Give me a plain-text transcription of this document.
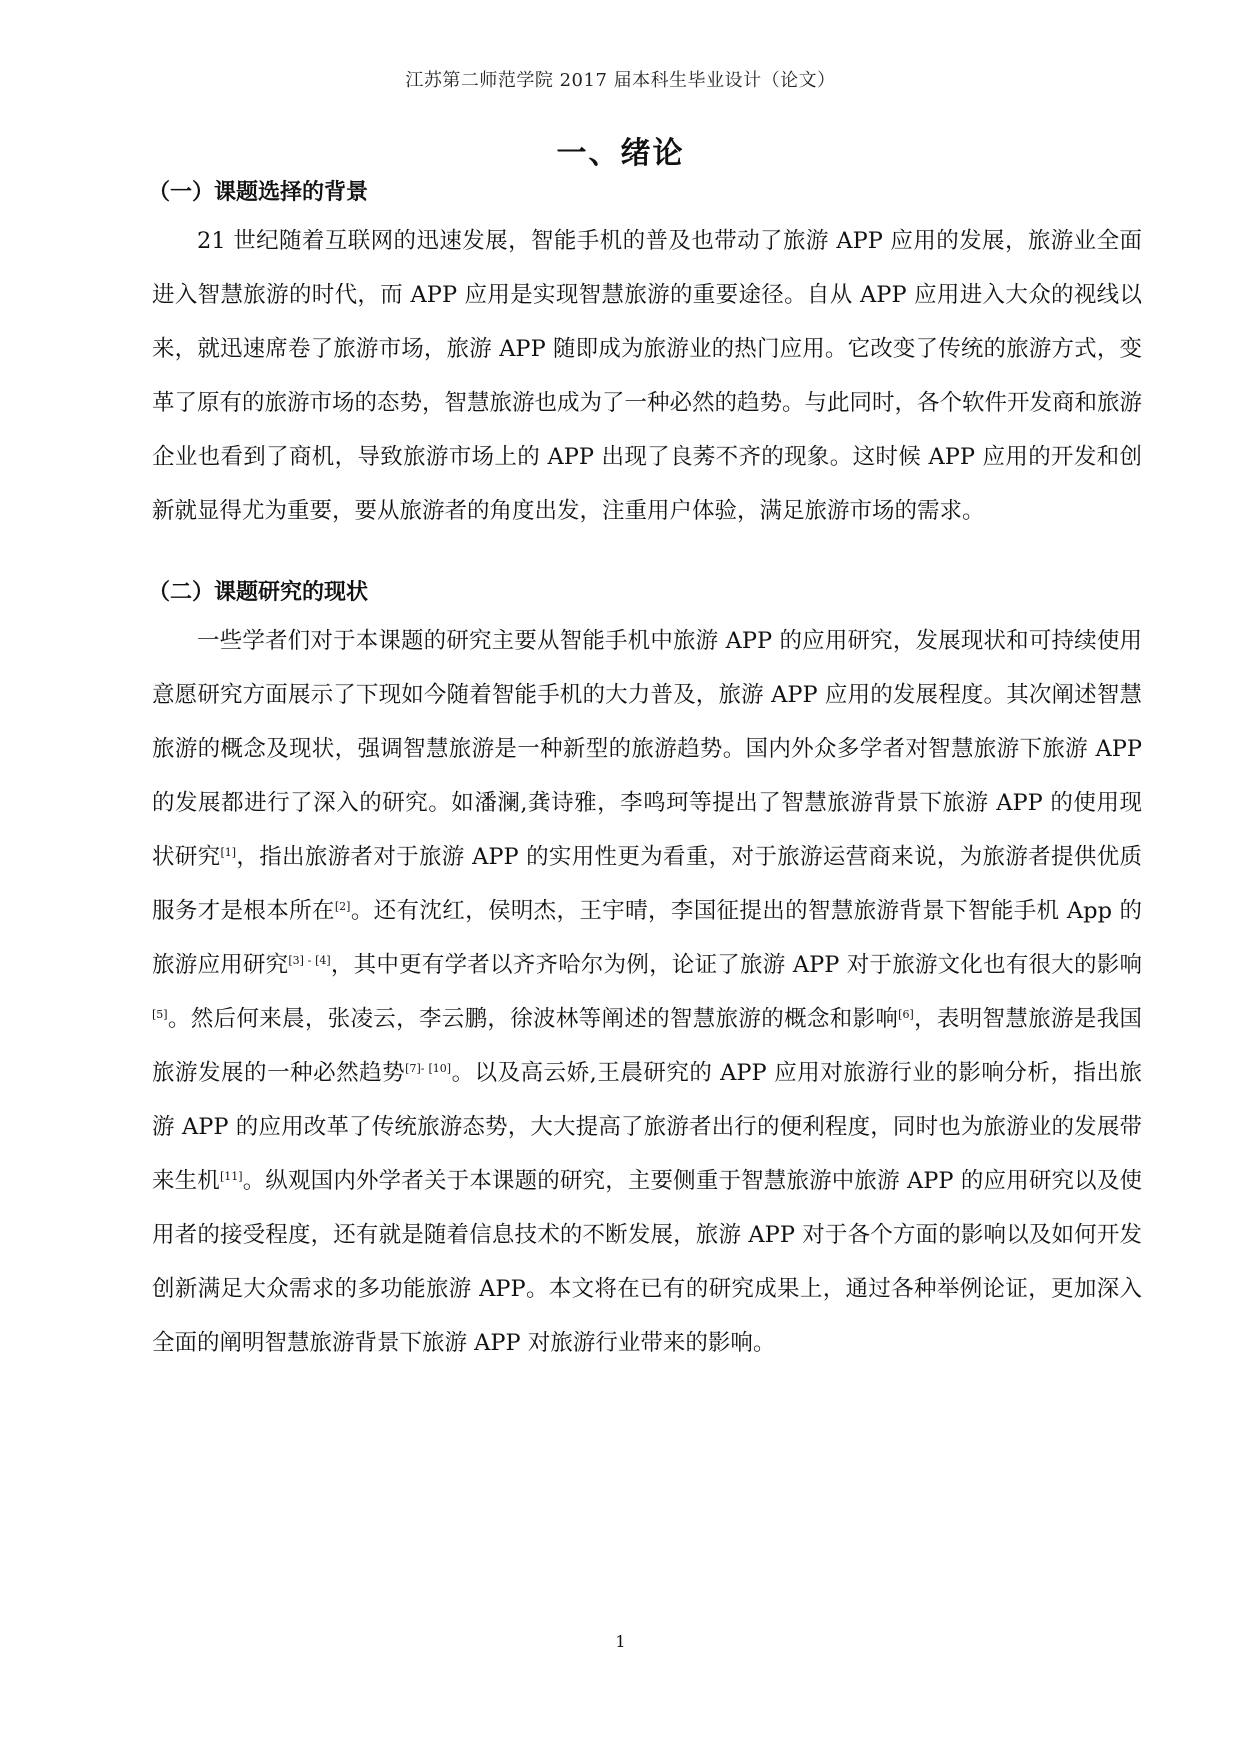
江苏第二师范学院 2017 届本科生毕业设计（论文）
一、绪论
（一）课题选择的背景

21 世纪随着互联网的迅速发展，智能手机的普及也带动了旅游 APP 应用的发展，旅游业全面进入智慧旅游的时代，而 APP 应用是实现智慧旅游的重要途径。自从 APP 应用进入大众的视线以来，就迅速席卷了旅游市场，旅游 APP 随即成为旅游业的热门应用。它改变了传统的旅游方式，变革了原有的旅游市场的态势，智慧旅游也成为了一种必然的趋势。与此同时，各个软件开发商和旅游企业也看到了商机，导致旅游市场上的 APP 出现了良莠不齐的现象。这时候 APP 应用的开发和创新就显得尤为重要，要从旅游者的角度出发，注重用户体验，满足旅游市场的需求。

（二）课题研究的现状

一些学者们对于本课题的研究主要从智能手机中旅游 APP 的应用研究，发展现状和可持续使用意愿研究方面展示了下现如今随着智能手机的大力普及，旅游 APP 应用的发展程度。其次阐述智慧旅游的概念及现状，强调智慧旅游是一种新型的旅游趋势。国内外众多学者对智慧旅游下旅游 APP 的发展都进行了深入的研究。如潘澜,龚诗雅，李鸣珂等提出了智慧旅游背景下旅游 APP 的使用现状研究[1]，指出旅游者对于旅游 APP 的实用性更为看重，对于旅游运营商来说，为旅游者提供优质服务才是根本所在[2]。还有沈红，侯明杰，王宇晴，李国征提出的智慧旅游背景下智能手机 App 的旅游应用研究[3] - [4]，其中更有学者以齐齐哈尔为例，论证了旅游 APP 对于旅游文化也有很大的影响[5]。然后何来晨，张凌云，李云鹏，徐波林等阐述的智慧旅游的概念和影响[6]，表明智慧旅游是我国旅游发展的一种必然趋势[7]- [10]。以及高云娇,王晨研究的 APP 应用对旅游行业的影响分析，指出旅游 APP 的应用改革了传统旅游态势，大大提高了旅游者出行的便利程度，同时也为旅游业的发展带来生机[11]。纵观国内外学者关于本课题的研究，主要侧重于智慧旅游中旅游 APP 的应用研究以及使用者的接受程度，还有就是随着信息技术的不断发展，旅游 APP 对于各个方面的影响以及如何开发创新满足大众需求的多功能旅游 APP。本文将在已有的研究成果上，通过各种举例论证，更加深入全面的阐明智慧旅游背景下旅游 APP 对旅游行业带来的影响。

1
